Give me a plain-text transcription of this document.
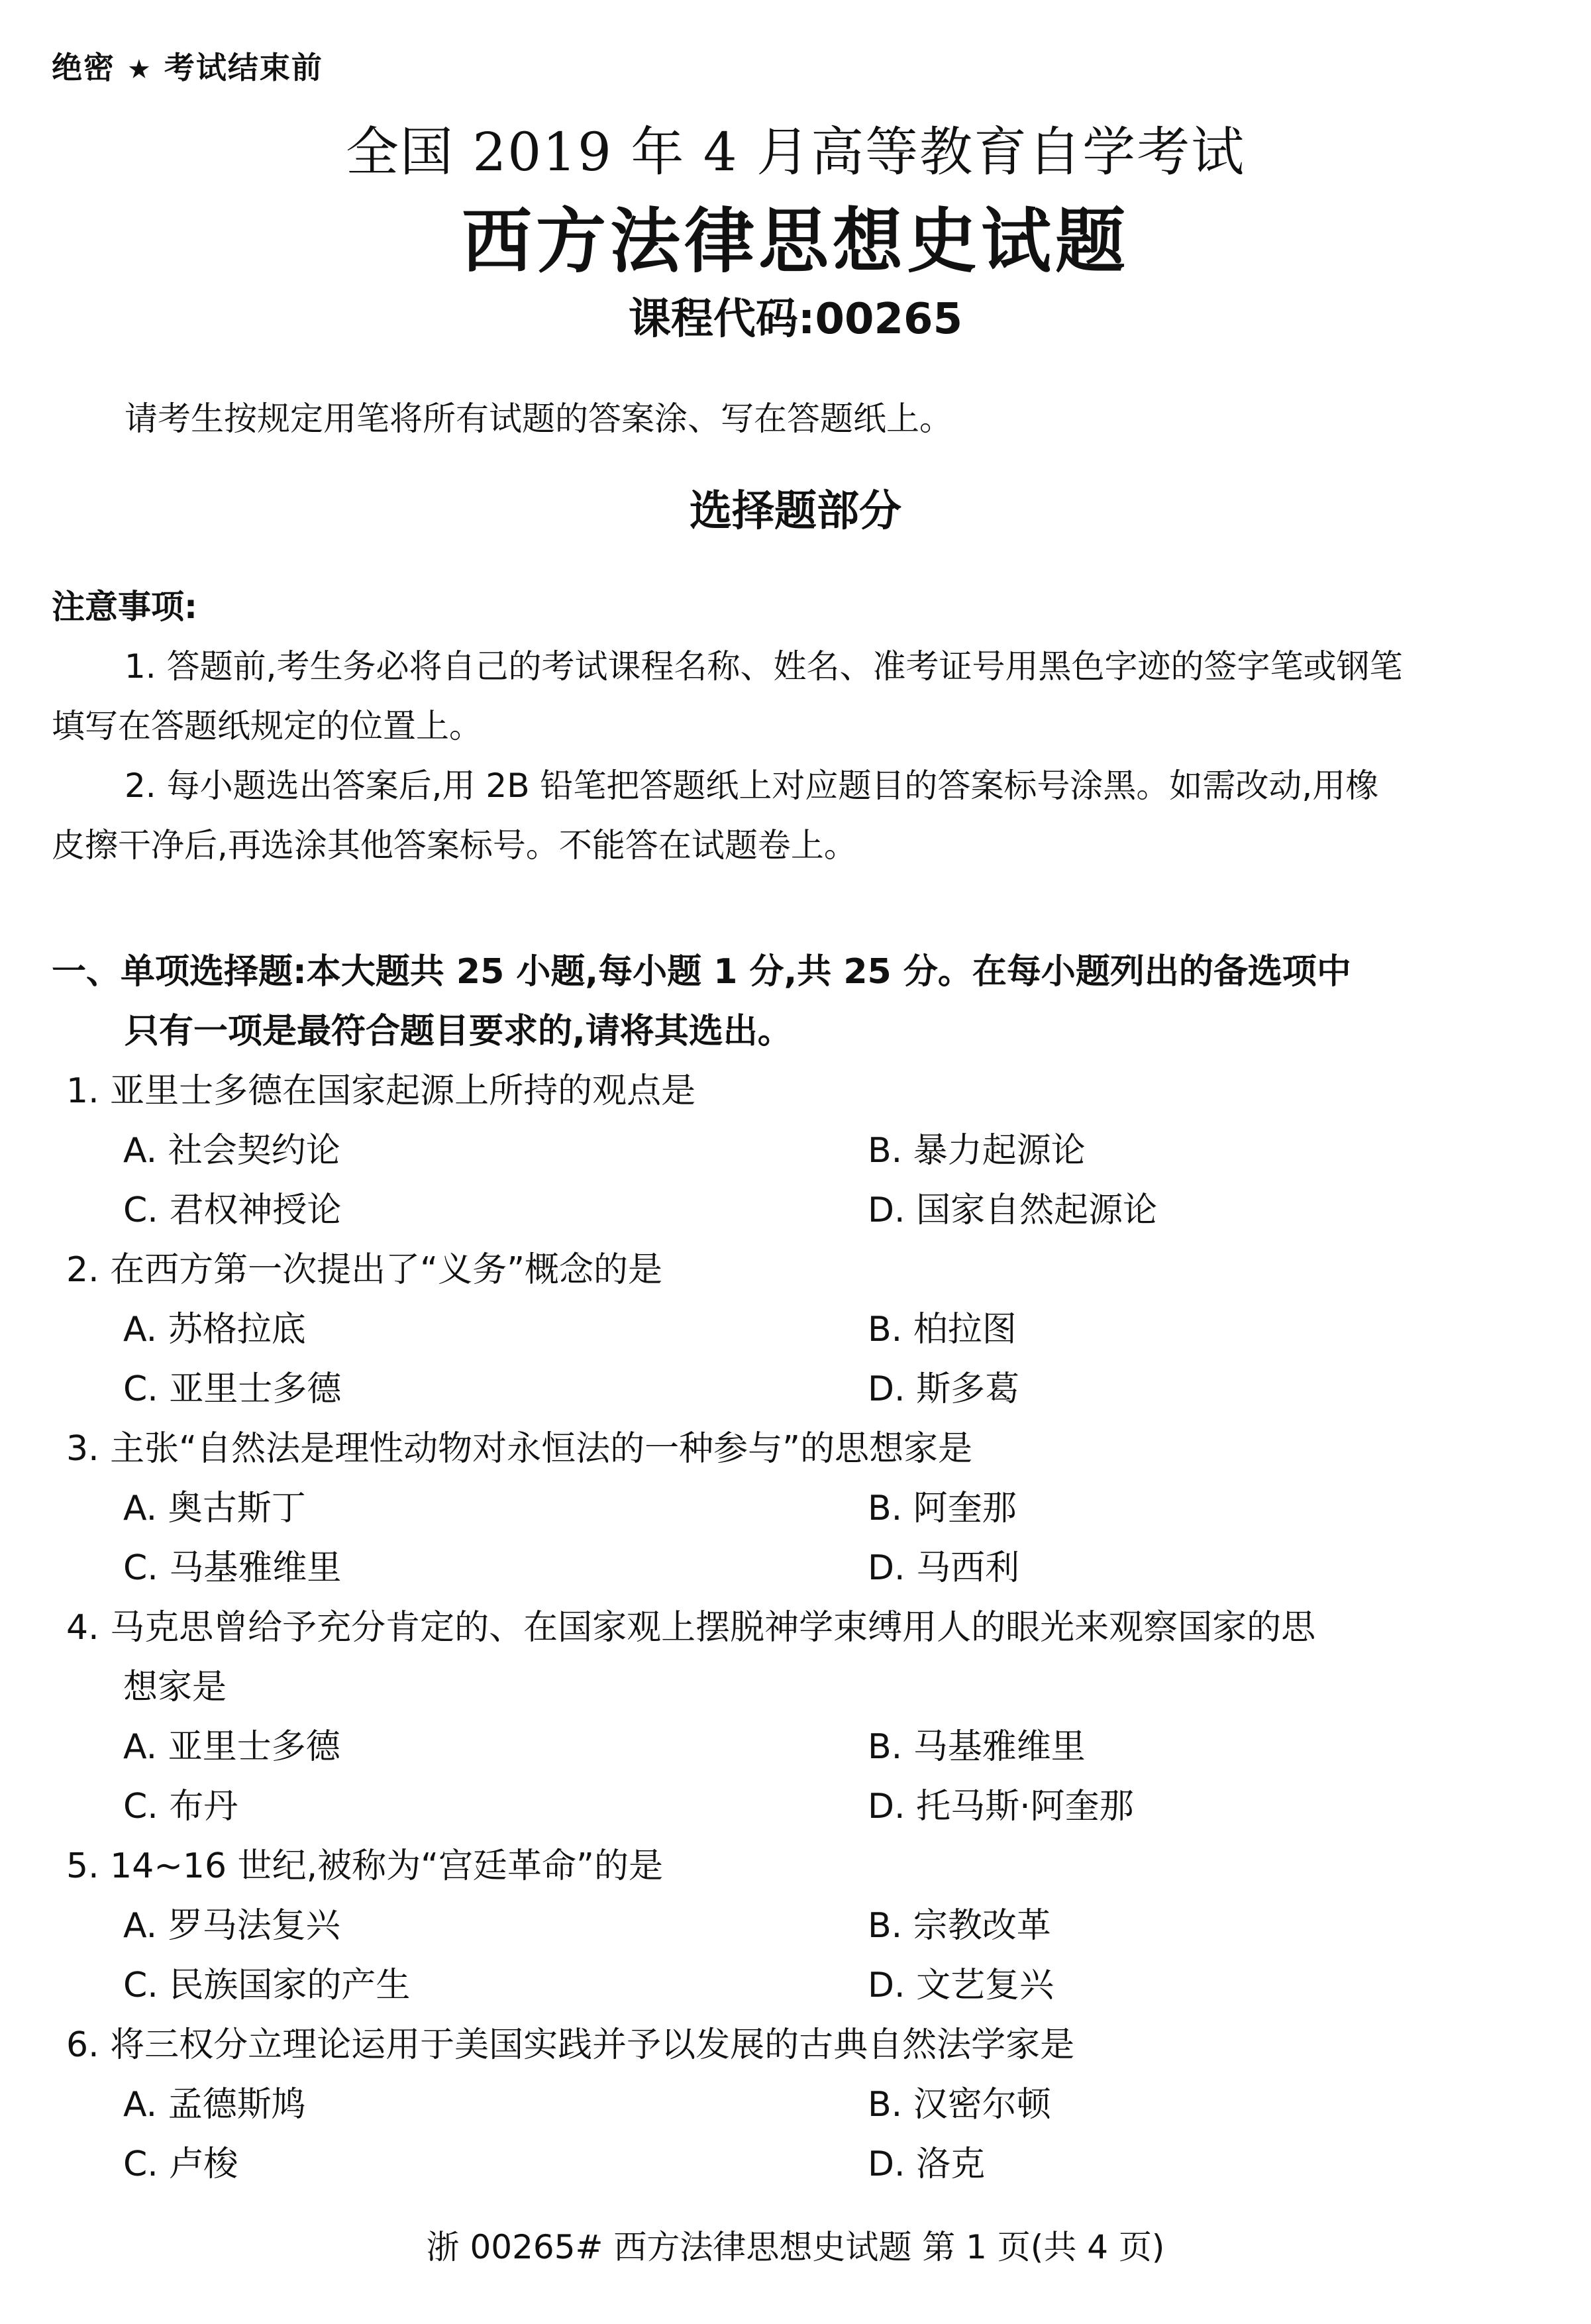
绝密 ★ 考试结束前
全国 2019 年 4 月高等教育自学考试
西方法律思想史试题
课程代码:00265
请考生按规定用笔将所有试题的答案涂、写在答题纸上。
选择题部分
注意事项:
1. 答题前,考生务必将自己的考试课程名称、姓名、准考证号用黑色字迹的签字笔或钢笔
填写在答题纸规定的位置上。
2. 每小题选出答案后,用 2B 铅笔把答题纸上对应题目的答案标号涂黑。如需改动,用橡
皮擦干净后,再选涂其他答案标号。不能答在试题卷上。
一、单项选择题:本大题共 25 小题,每小题 1 分,共 25 分。在每小题列出的备选项中
只有一项是最符合题目要求的,请将其选出。
1. 亚里士多德在国家起源上所持的观点是
A. 社会契约论	B. 暴力起源论
C. 君权神授论	D. 国家自然起源论
2. 在西方第一次提出了“义务”概念的是
A. 苏格拉底	B. 柏拉图
C. 亚里士多德	D. 斯多葛
3. 主张“自然法是理性动物对永恒法的一种参与”的思想家是
A. 奥古斯丁	B. 阿奎那
C. 马基雅维里	D. 马西利
4. 马克思曾给予充分肯定的、在国家观上摆脱神学束缚用人的眼光来观察国家的思
想家是
A. 亚里士多德	B. 马基雅维里
C. 布丹	D. 托马斯·阿奎那
5. 14~16 世纪,被称为“宫廷革命”的是
A. 罗马法复兴	B. 宗教改革
C. 民族国家的产生	D. 文艺复兴
6. 将三权分立理论运用于美国实践并予以发展的古典自然法学家是
A. 孟德斯鸠	B. 汉密尔顿
C. 卢梭	D. 洛克
浙 00265# 西方法律思想史试题 第 1 页(共 4 页)
